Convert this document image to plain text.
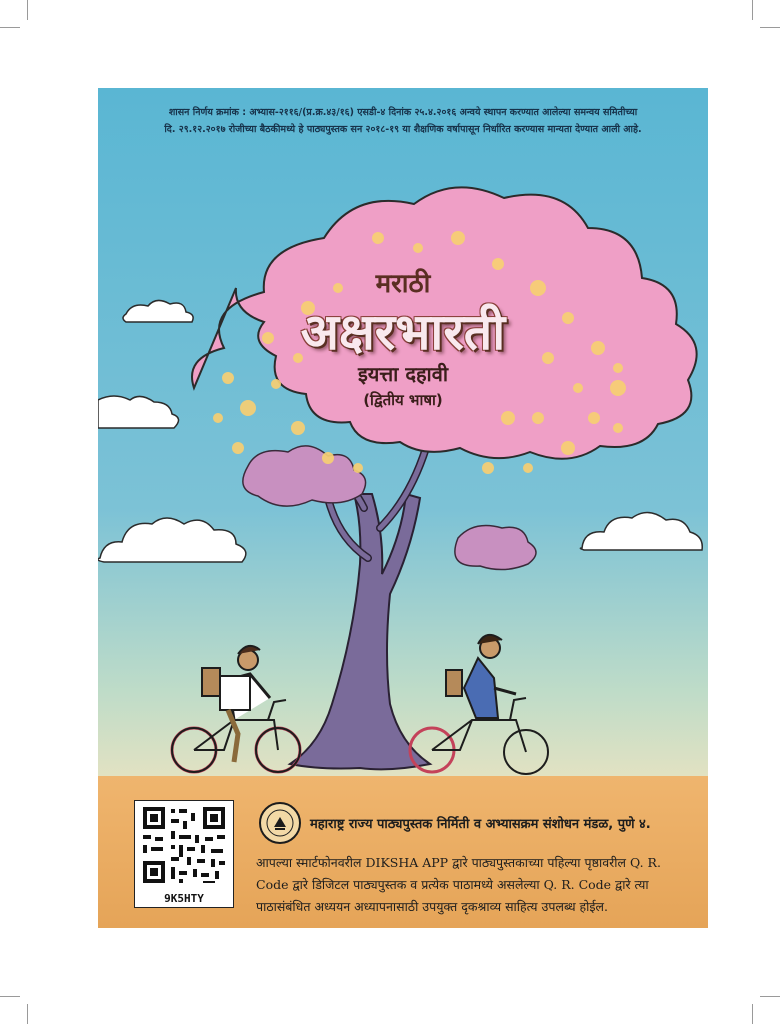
शासन निर्णय क्रमांक : अभ्यास-२११६/(प्र.क्र.४३/१६) एसडी-४ दिनांक २५.४.२०१६ अन्वये स्थापन करण्यात आलेल्या समन्वय समितीच्या
दि. २९.१२.२०१७ रोजीच्या बैठकीमध्ये हे पाठ्यपुस्तक सन २०१८-१९ या शैक्षणिक वर्षापासून निर्धारित करण्यास मान्यता देण्यात आली आहे.
मराठी
अक्षरभारती
इयत्ता दहावी
(द्वितीय भाषा)
9K5HTY
महाराष्ट्र राज्य पाठ्यपुस्तक निर्मिती व अभ्यासक्रम संशोधन मंडळ, पुणे ४.
आपल्या स्मार्टफोनवरील DIKSHA APP द्वारे पाठ्यपुस्तकाच्या पहिल्या पृष्ठावरील Q. R.
Code द्वारे डिजिटल पाठ्यपुस्तक व प्रत्येक पाठामध्ये असलेल्या Q. R. Code द्वारे त्या
पाठासंबंधित अध्ययन अध्यापनासाठी उपयुक्त दृकश्राव्य साहित्य उपलब्ध होईल.
